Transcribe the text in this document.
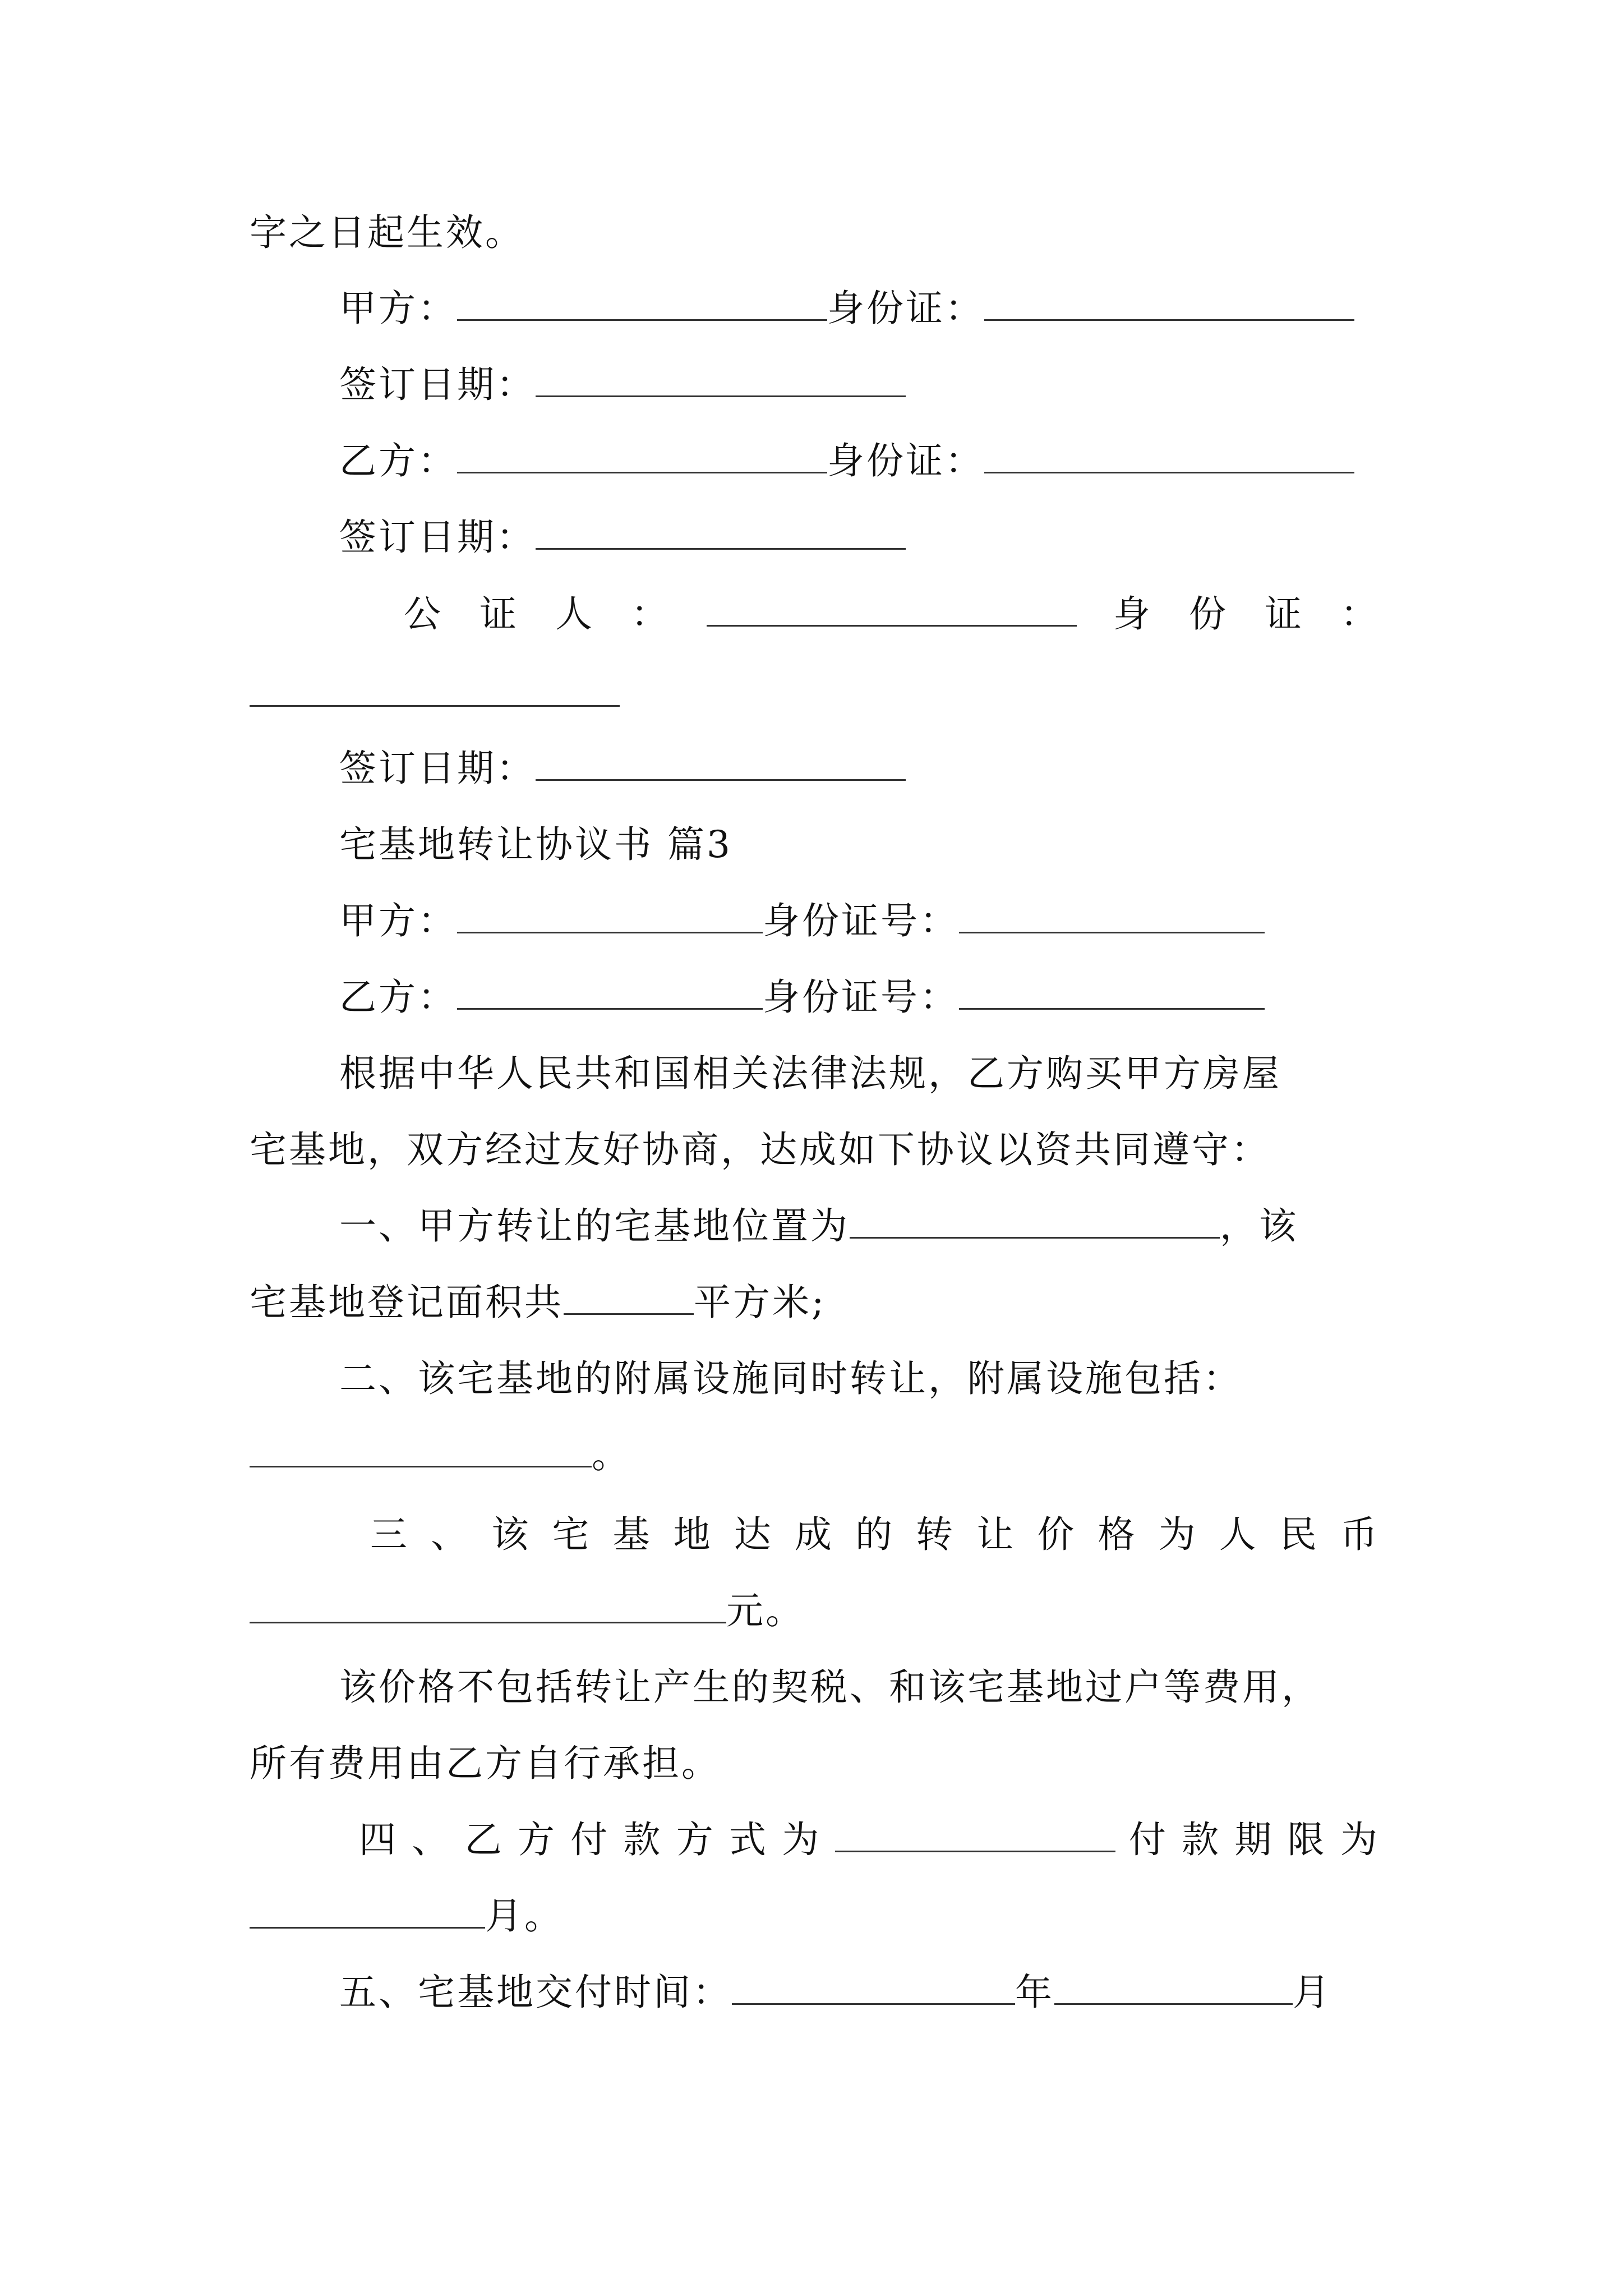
字之日起生效。
甲方：	身份证：
签订日期：
乙方：	身份证：
签订日期：
公 证 人 ：	身 份 证 ：
签订日期：
宅基地转让协议书 篇3
甲方：	身份证号：
乙方：	身份证号：
根据中华人民共和国相关法律法规，乙方购买甲方房屋
宅基地，双方经过友好协商，达成如下协议以资共同遵守：
一、甲方转让的宅基地位置为	，该
宅基地登记面积共	平方米;
二、该宅基地的附属设施同时转让，附属设施包括：
。
三 、 该 宅 基 地 达 成 的 转 让 价 格 为 人 民 币
元。
该价格不包括转让产生的契税、和该宅基地过户等费用，
所有费用由乙方自行承担。
四 、 乙 方 付 款 方 式 为	付 款 期 限 为
月。
五、宅基地交付时间：	年	月
